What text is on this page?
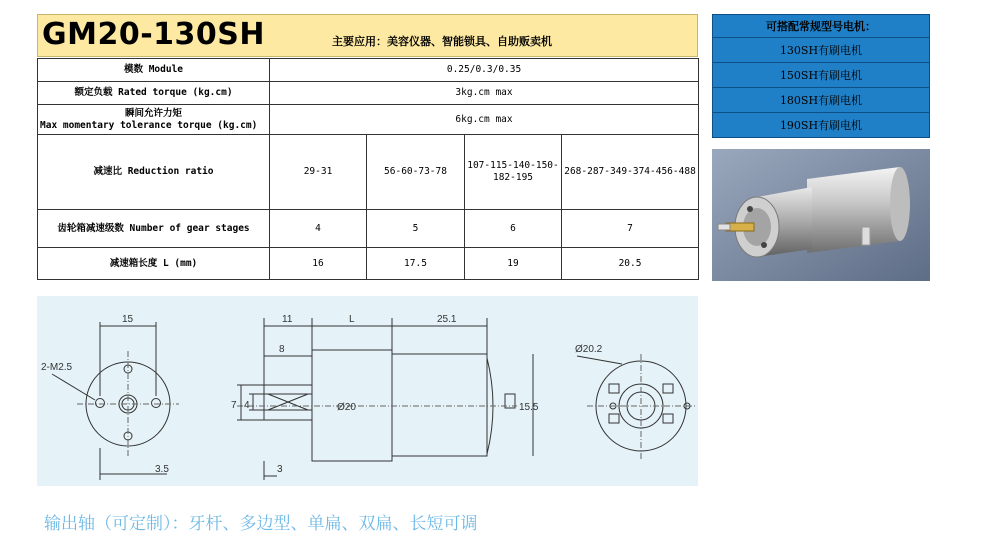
GM20-130SH	主要应用：美容仪器、智能锁具、自助贩卖机
模数 Module	0.25/0.3/0.35			
额定负载 Rated torque (kg.cm)	3kg.cm max			

瞬间允许力矩
Max momentary tolerance torque (kg.cm)	6kg.cm max			
减速比 Reduction ratio	29-31	56-60-73-78	107-115-140-150-182-195	268-287-349-374-456-488
齿轮箱减速级数 Number of gear stages	4	5	6	7
减速箱长度 L (mm)	16	17.5	19	20.5
可搭配常规型号电机：
130SH有刷电机
150SH有刷电机
180SH有刷电机
190SH有刷电机
15
2-M2.5
3.5
11	L	25.1
8
7 4	Ø20	15.5
3
Ø20.2
输出轴（可定制）：牙杆、多边型、单扁、双扁、长短可调
